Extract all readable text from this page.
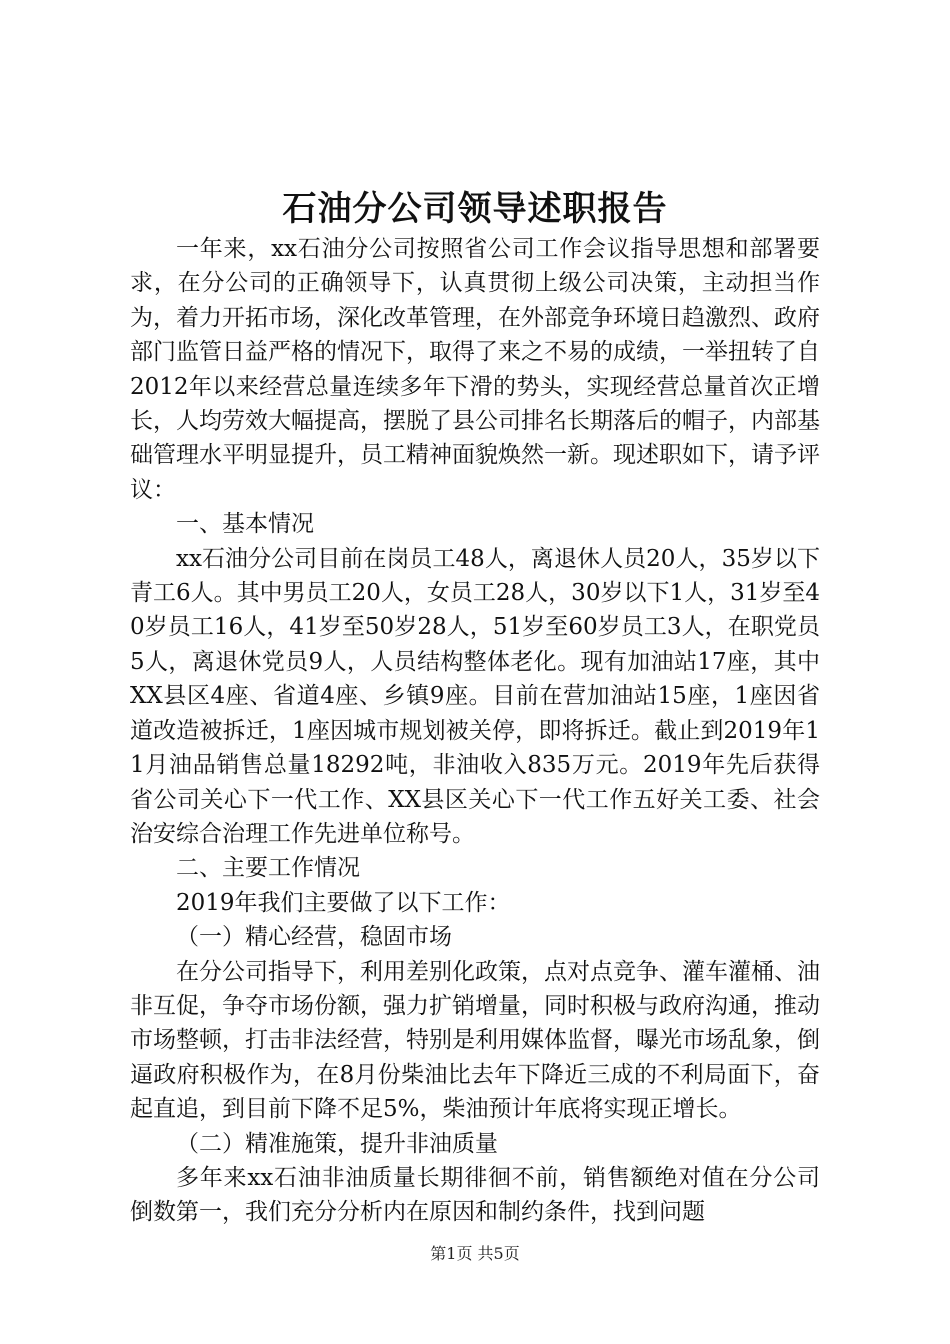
石油分公司领导述职报告

一年来，xx石油分公司按照省公司工作会议指导思想和部署要求，在分公司的正确领导下，认真贯彻上级公司决策，主动担当作为，着力开拓市场，深化改革管理，在外部竞争环境日趋激烈、政府部门监管日益严格的情况下，取得了来之不易的成绩，一举扭转了自2012年以来经营总量连续多年下滑的势头，实现经营总量首次正增长，人均劳效大幅提高，摆脱了县公司排名长期落后的帽子，内部基础管理水平明显提升，员工精神面貌焕然一新。现述职如下，请予评议：

一、基本情况

xx石油分公司目前在岗员工48人，离退休人员20人，35岁以下青工6人。其中男员工20人，女员工28人，30岁以下1人，31岁至40岁员工16人，41岁至50岁28人，51岁至60岁员工3人，在职党员5人，离退休党员9人，人员结构整体老化。现有加油站17座，其中XX县区4座、省道4座、乡镇9座。目前在营加油站15座，1座因省道改造被拆迁，1座因城市规划被关停，即将拆迁。截止到2019年11月油品销售总量18292吨，非油收入835万元。2019年先后获得省公司关心下一代工作、XX县区关心下一代工作五好关工委、社会治安综合治理工作先进单位称号。

二、主要工作情况

2019年我们主要做了以下工作：

（一）精心经营，稳固市场

在分公司指导下，利用差别化政策，点对点竞争、灌车灌桶、油非互促，争夺市场份额，强力扩销增量，同时积极与政府沟通，推动市场整顿，打击非法经营，特别是利用媒体监督，曝光市场乱象，倒逼政府积极作为，在8月份柴油比去年下降近三成的不利局面下，奋起直追，到目前下降不足5%，柴油预计年底将实现正增长。

（二）精准施策，提升非油质量

多年来xx石油非油质量长期徘徊不前，销售额绝对值在分公司倒数第一，我们充分分析内在原因和制约条件，找到问题

第1页 共5页
